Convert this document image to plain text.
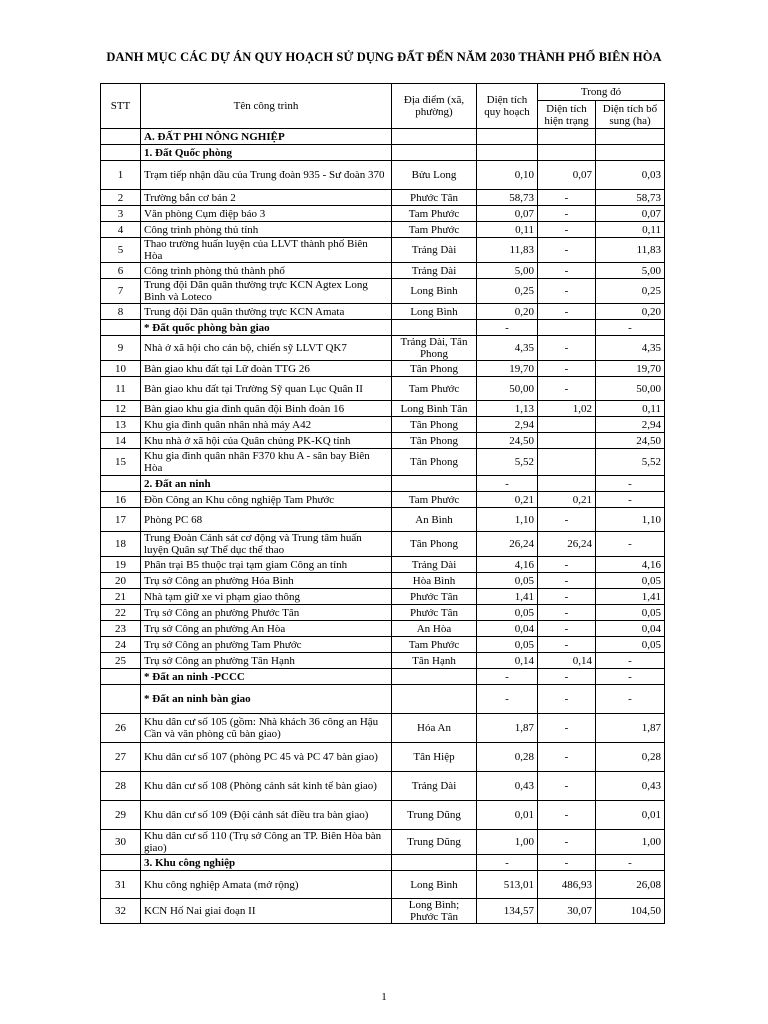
DANH MỤC CÁC DỰ ÁN QUY HOẠCH SỬ DỤNG ĐẤT ĐẾN NĂM 2030 THÀNH PHỐ BIÊN HÒA
STT	Tên công trình	Địa điểm (xã, phường)	Diện tích quy hoạch	Trong đó	
				Diện tích hiện trạng	Diện tích bổ sung (ha)
	A. ĐẤT PHI NÔNG NGHIỆP				
	1. Đất Quốc phòng				
1	Trạm tiếp nhận dầu của Trung đoàn 935 - Sư đoàn 370	Bửu Long	0,10	0,07	0,03
2	Trường bắn cơ bản 2	Phước Tân	58,73	-	58,73
3	Văn phòng Cụm điệp báo 3	Tam Phước	0,07	-	0,07
4	Công trình phòng thủ tỉnh	Tam Phước	0,11	-	0,11
5	Thao trường huấn luyện của LLVT thành phố Biên Hòa	Trảng Dài	11,83	-	11,83
6	Công trình phòng thủ thành phố	Trảng Dài	5,00	-	5,00
7	Trung đội Dân quân thường trực KCN Agtex Long Bình và Loteco	Long Bình	0,25	-	0,25
8	Trung đội Dân quân thường trực KCN Amata	Long Bình	0,20	-	0,20
	* Đất quốc phòng bàn giao		-		-
9	Nhà ở xã hội cho cán bộ, chiến sỹ LLVT QK7	Trảng Dài, Tân Phong	4,35	-	4,35
10	Bàn giao khu đất tại Lữ đoàn TTG 26	Tân Phong	19,70	-	19,70
11	Bàn giao khu đất tại Trường Sỹ quan Lục Quân II	Tam Phước	50,00	-	50,00
12	Bàn giao khu gia đình quân đội Binh đoàn 16	Long Bình Tân	1,13	1,02	0,11
13	Khu gia đình quân nhân nhà máy A42	Tân Phong	2,94		2,94
14	Khu nhà ở xã hội của Quân chủng PK-KQ tỉnh	Tân Phong	24,50		24,50
15	Khu gia đình quân nhân F370 khu A - sân bay Biên Hòa	Tân Phong	5,52		5,52
	2. Đất an ninh		-		-
16	Đồn Công an Khu công nghiệp Tam Phước	Tam Phước	0,21	0,21	-
17	Phòng PC 68	An Bình	1,10	-	1,10
18	Trung Đoàn Cảnh sát cơ động và Trung tâm huấn luyện Quân sự Thể dục thể thao	Tân Phong	26,24	26,24	-
19	Phân trại B5 thuộc trại tạm giam Công an tỉnh	Trảng Dài	4,16	-	4,16
20	Trụ sở Công an phường Hóa Bình	Hòa Bình	0,05	-	0,05
21	Nhà tạm giữ xe vi phạm giao thông	Phước Tân	1,41	-	1,41
22	Trụ sở Công an phường Phước Tân	Phước Tân	0,05	-	0,05
23	Trụ sở Công an phường An Hòa	An Hòa	0,04	-	0,04
24	Trụ sở Công an phường Tam Phước	Tam Phước	0,05	-	0,05
25	Trụ sở Công an phường Tân Hạnh	Tân Hạnh	0,14	0,14	-
	* Đất an ninh -PCCC		-	-	-
	* Đất an ninh bàn giao		-	-	-
26	Khu dân cư số 105 (gồm: Nhà khách 36 công an Hậu Cần và văn phòng cũ bàn giao)	Hóa An	1,87	-	1,87
27	Khu dân cư số 107 (phòng PC 45 và PC 47 bàn giao)	Tân Hiệp	0,28	-	0,28
28	Khu dân cư số 108 (Phòng cảnh sát kinh tế bàn giao)	Trảng Dài	0,43	-	0,43
29	Khu dân cư số 109 (Đội cảnh sát điều tra bàn giao)	Trung Dũng	0,01	-	0,01
30	Khu dân cư số 110 (Trụ sở Công an TP. Biên Hòa bàn giao)	Trung Dũng	1,00	-	1,00
	3. Khu công nghiệp		-	-	-
31	Khu công nghiệp Amata (mở rộng)	Long Bình	513,01	486,93	26,08
32	KCN Hố Nai giai đoạn II	Long Bình; Phước Tân	134,57	30,07	104,50
1
